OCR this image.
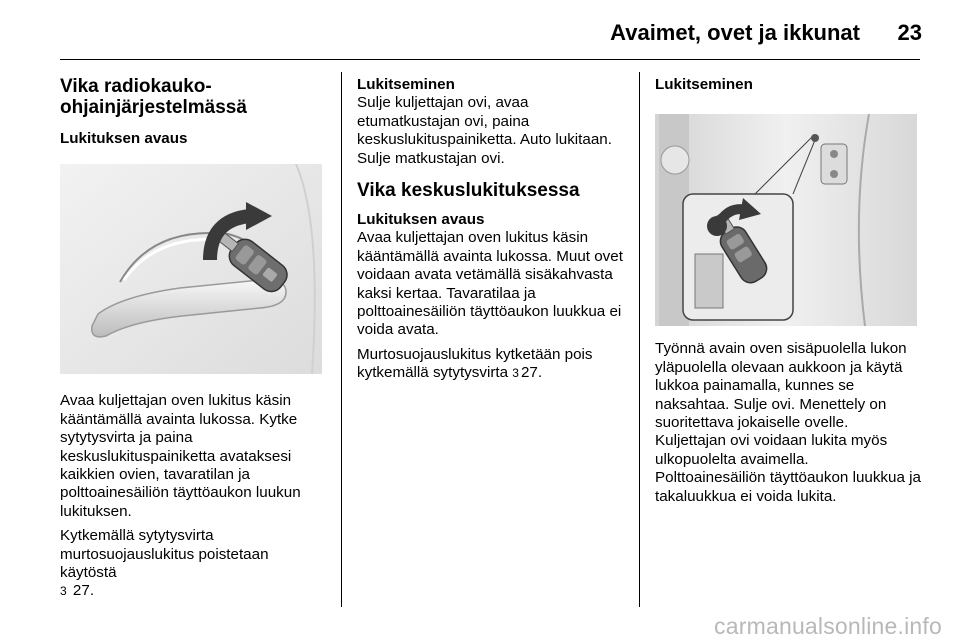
Avaimet, ovet ja ikkunat	23
Vika radiokauko-ohjainjärjestelmässä
Lukituksen avaus

Avaa kuljettajan oven lukitus käsin kääntämällä avainta lukossa. Kytke sytytysvirta ja paina keskuslukituspainiketta avataksesi kaikkien ovien, tavaratilan ja polttoainesäiliön täyttöaukon luukun lukituksen.

Kytkemällä sytytysvirta murtosuojauslukitus poistetaan käytöstä

3 27.
Lukitseminen

Sulje kuljettajan ovi, avaa etumatkustajan ovi, paina keskuslukituspainiketta. Auto lukitaan. Sulje matkustajan ovi.

Vika keskuslukituksessa
Lukituksen avaus

Avaa kuljettajan oven lukitus käsin kääntämällä avainta lukossa. Muut ovet voidaan avata vetämällä sisäkahvasta kaksi kertaa. Tavaratilaa ja polttoainesäiliön täyttöaukon luukkua ei voida avata.

Murtosuojauslukitus kytketään pois kytkemällä sytytysvirta 3 27.

Lukitseminen

Työnnä avain oven sisäpuolella lukon yläpuolella olevaan aukkoon ja käytä lukkoa painamalla, kunnes se naksahtaa. Sulje ovi. Menettely on suoritettava jokaiselle ovelle. Kuljettajan ovi voidaan lukita myös ulkopuolelta avaimella. Polttoainesäiliön täyttöaukon luukkua ja takaluukkua ei voida lukita.

carmanualsonline.info
